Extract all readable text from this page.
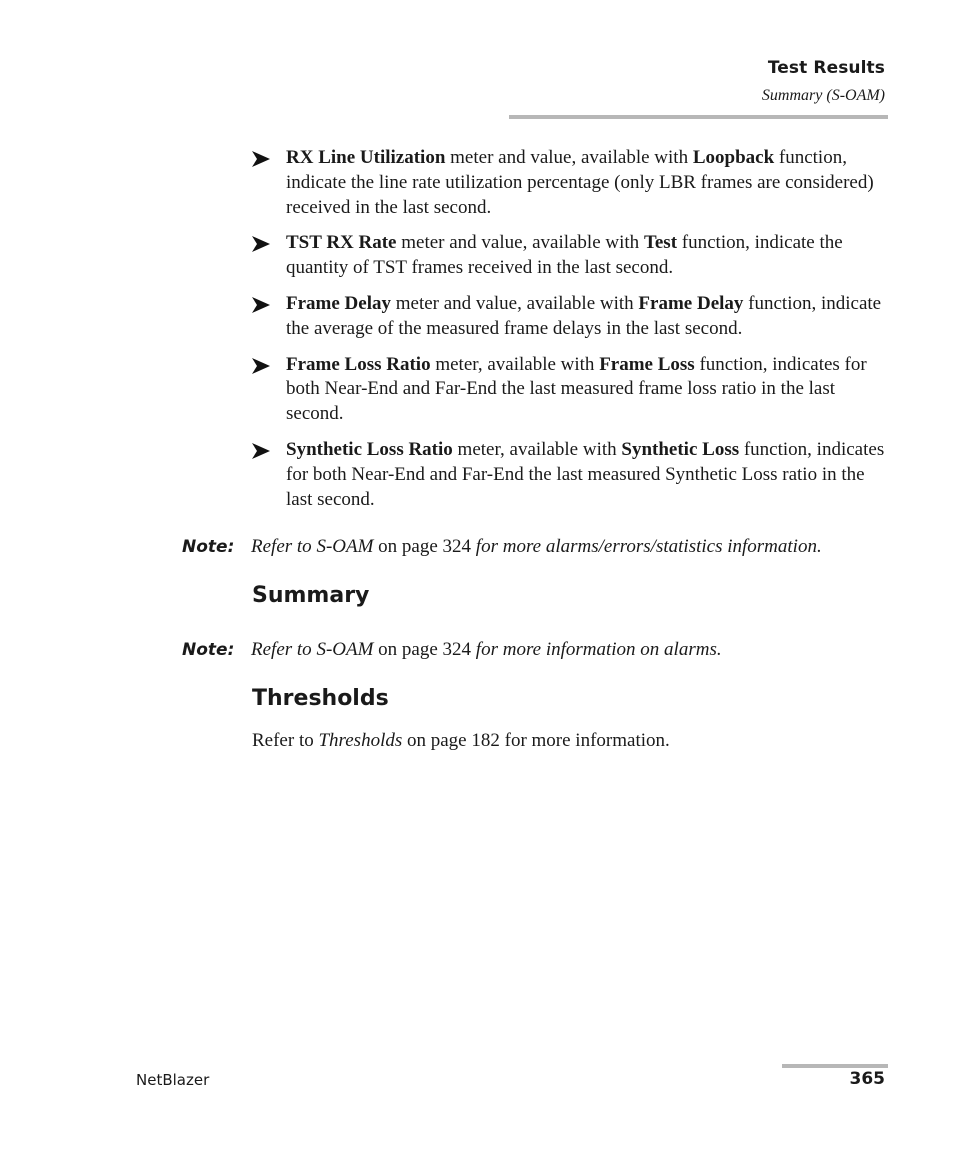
Test Results
Summary (S-OAM)
RX Line Utilization meter and value, available with Loopback function, indicate the line rate utilization percentage (only LBR frames are considered) received in the last second.
TST RX Rate meter and value, available with Test function, indicate the quantity of TST frames received in the last second.
Frame Delay meter and value, available with Frame Delay function, indicate the average of the measured frame delays in the last second.
Frame Loss Ratio meter, available with Frame Loss function, indicates for both Near-End and Far-End the last measured frame loss ratio in the last second.
Synthetic Loss Ratio meter, available with Synthetic Loss function, indicates for both Near-End and Far-End the last measured Synthetic Loss ratio in the last second.
Note: Refer to S-OAM on page 324 for more alarms/errors/statistics information.
Summary
Note: Refer to S-OAM on page 324 for more information on alarms.
Thresholds
Refer to Thresholds on page 182 for more information.
NetBlazer	365
